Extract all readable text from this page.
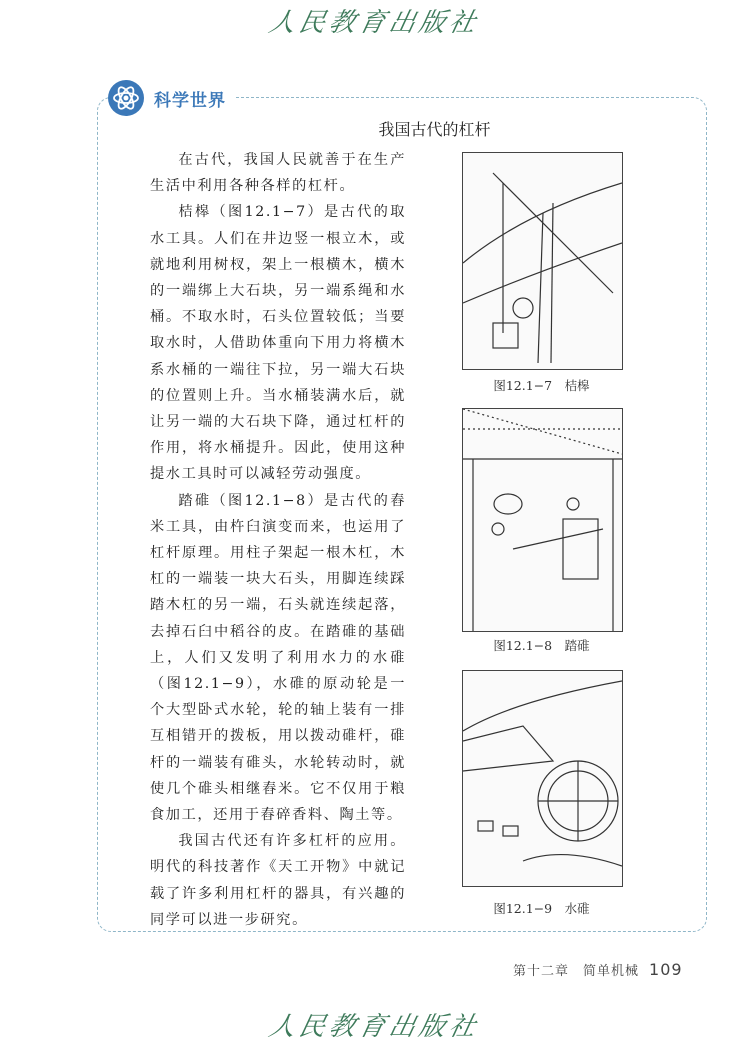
人民教育出版社
科学世界
我国古代的杠杆

在古代，我国人民就善于在生产生活中利用各种各样的杠杆。

桔槔（图12.1−7）是古代的取水工具。人们在井边竖一根立木，或就地利用树杈，架上一根横木，横木的一端绑上大石块，另一端系绳和水桶。不取水时，石头位置较低；当要取水时，人借助体重向下用力将横木系水桶的一端往下拉，另一端大石块的位置则上升。当水桶装满水后，就让另一端的大石块下降，通过杠杆的作用，将水桶提升。因此，使用这种提水工具时可以减轻劳动强度。

踏碓（图12.1−8）是古代的舂米工具，由杵臼演变而来，也运用了杠杆原理。用柱子架起一根木杠，木杠的一端装一块大石头，用脚连续踩踏木杠的另一端，石头就连续起落，去掉石臼中稻谷的皮。在踏碓的基础上，人们又发明了利用水力的水碓（图12.1−9），水碓的原动轮是一个大型卧式水轮，轮的轴上装有一排互相错开的拨板，用以拨动碓杆，碓杆的一端装有碓头，水轮转动时，就使几个碓头相继舂米。它不仅用于粮食加工，还用于舂碎香料、陶土等。

我国古代还有许多杠杆的应用。明代的科技著作《天工开物》中就记载了许多利用杠杆的器具，有兴趣的同学可以进一步研究。

图12.1−7　桔槔
图12.1−8　踏碓
图12.1−9　水碓
第十二章　简单机械 109
人民教育出版社
